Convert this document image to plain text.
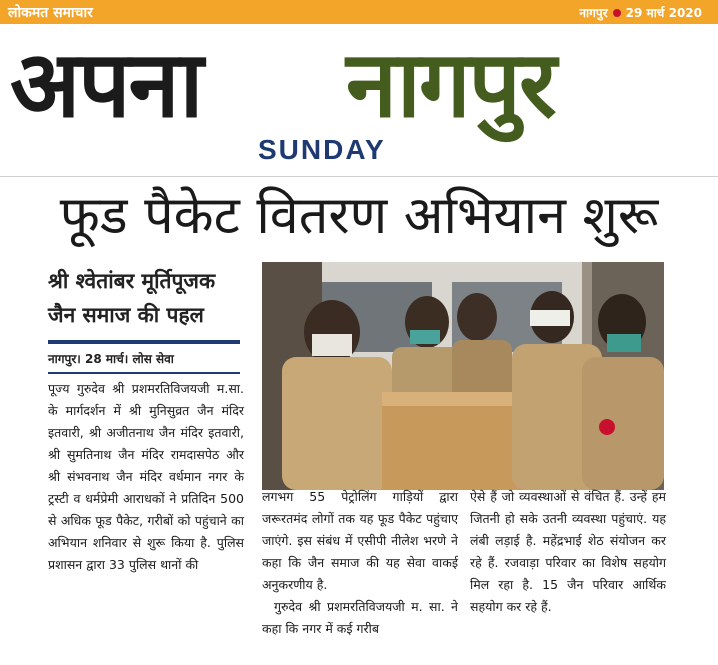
लोकमत समाचार	नागपुर 29 मार्च 2020
अपना नागपुर
SUNDAY
फूड पैकेट वितरण अभियान शुरू
श्री श्वेतांबर मूर्तिपूजक
जैन समाज की पहल
नागपुर। 28 मार्च। लोस सेवा

पूज्य गुरुदेव श्री प्रशमरतिविजयजी म.सा. के मार्गदर्शन में श्री मुनिसुव्रत जैन मंदिर इतवारी, श्री अजीतनाथ जैन मंदिर इतवारी, श्री सुमतिनाथ जैन मंदिर रामदासपेठ और श्री संभवनाथ जैन मंदिर वर्धमान नगर के ट्रस्टी व धर्मप्रेमी आराधकों ने प्रतिदिन 500 से अधिक फूड पैकेट, गरीबों को पहुंचाने का अभियान शनिवार से शुरू किया है. पुलिस प्रशासन द्वारा 33 पुलिस थानों की

लगभग 55 पेट्रोलिंग गाड़ियों द्वारा जरूरतमंद लोगों तक यह फूड पैकेट पहुंचाए जाएंगे. इस संबंध में एसीपी नीलेश भरणे ने कहा कि जैन समाज की यह सेवा वाकई अनुकरणीय है.

गुरुदेव श्री प्रशमरतिविजयजी म. सा. ने कहा कि नगर में कई गरीब

ऐसे हैं जो व्यवस्थाओं से वंचित हैं. उन्हें हम जितनी हो सके उतनी व्यवस्था पहुंचाएं. यह लंबी लड़ाई है. महेंद्रभाई शेठ संयोजन कर रहे हैं. रजवाड़ा परिवार का विशेष सहयोग मिल रहा है. 15 जैन परिवार आर्थिक सहयोग कर रहे हैं.
